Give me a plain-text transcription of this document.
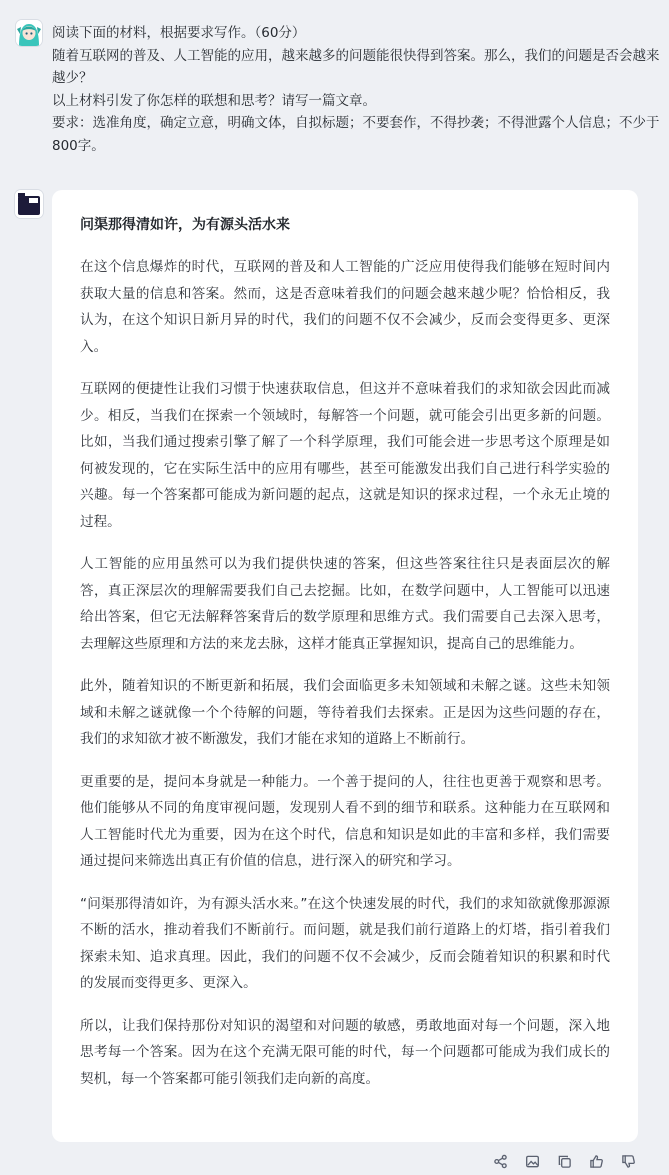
阅读下面的材料，根据要求写作。（60分）
随着互联网的普及、人工智能的应用，越来越多的问题能很快得到答案。那么，我们的问题是否会越来越少？
以上材料引发了你怎样的联想和思考？请写一篇文章。
要求：选准角度，确定立意，明确文体，自拟标题；不要套作，不得抄袭；不得泄露个人信息；不少于800字。
问渠那得清如许，为有源头活水来

在这个信息爆炸的时代，互联网的普及和人工智能的广泛应用使得我们能够在短时间内获取大量的信息和答案。然而，这是否意味着我们的问题会越来越少呢？恰恰相反，我认为，在这个知识日新月异的时代，我们的问题不仅不会减少，反而会变得更多、更深入。

互联网的便捷性让我们习惯于快速获取信息，但这并不意味着我们的求知欲会因此而减少。相反，当我们在探索一个领域时，每解答一个问题，就可能会引出更多新的问题。比如，当我们通过搜索引擎了解了一个科学原理，我们可能会进一步思考这个原理是如何被发现的，它在实际生活中的应用有哪些，甚至可能激发出我们自己进行科学实验的兴趣。每一个答案都可能成为新问题的起点，这就是知识的探求过程，一个永无止境的过程。

人工智能的应用虽然可以为我们提供快速的答案，但这些答案往往只是表面层次的解答，真正深层次的理解需要我们自己去挖掘。比如，在数学问题中，人工智能可以迅速给出答案，但它无法解释答案背后的数学原理和思维方式。我们需要自己去深入思考，去理解这些原理和方法的来龙去脉，这样才能真正掌握知识，提高自己的思维能力。

此外，随着知识的不断更新和拓展，我们会面临更多未知领域和未解之谜。这些未知领域和未解之谜就像一个个待解的问题，等待着我们去探索。正是因为这些问题的存在，我们的求知欲才被不断激发，我们才能在求知的道路上不断前行。

更重要的是，提问本身就是一种能力。一个善于提问的人，往往也更善于观察和思考。他们能够从不同的角度审视问题，发现别人看不到的细节和联系。这种能力在互联网和人工智能时代尤为重要，因为在这个时代，信息和知识是如此的丰富和多样，我们需要通过提问来筛选出真正有价值的信息，进行深入的研究和学习。

“问渠那得清如许，为有源头活水来。”在这个快速发展的时代，我们的求知欲就像那源源不断的活水，推动着我们不断前行。而问题，就是我们前行道路上的灯塔，指引着我们探索未知、追求真理。因此，我们的问题不仅不会减少，反而会随着知识的积累和时代的发展而变得更多、更深入。

所以，让我们保持那份对知识的渴望和对问题的敏感，勇敢地面对每一个问题，深入地思考每一个答案。因为在这个充满无限可能的时代，每一个问题都可能成为我们成长的契机，每一个答案都可能引领我们走向新的高度。
